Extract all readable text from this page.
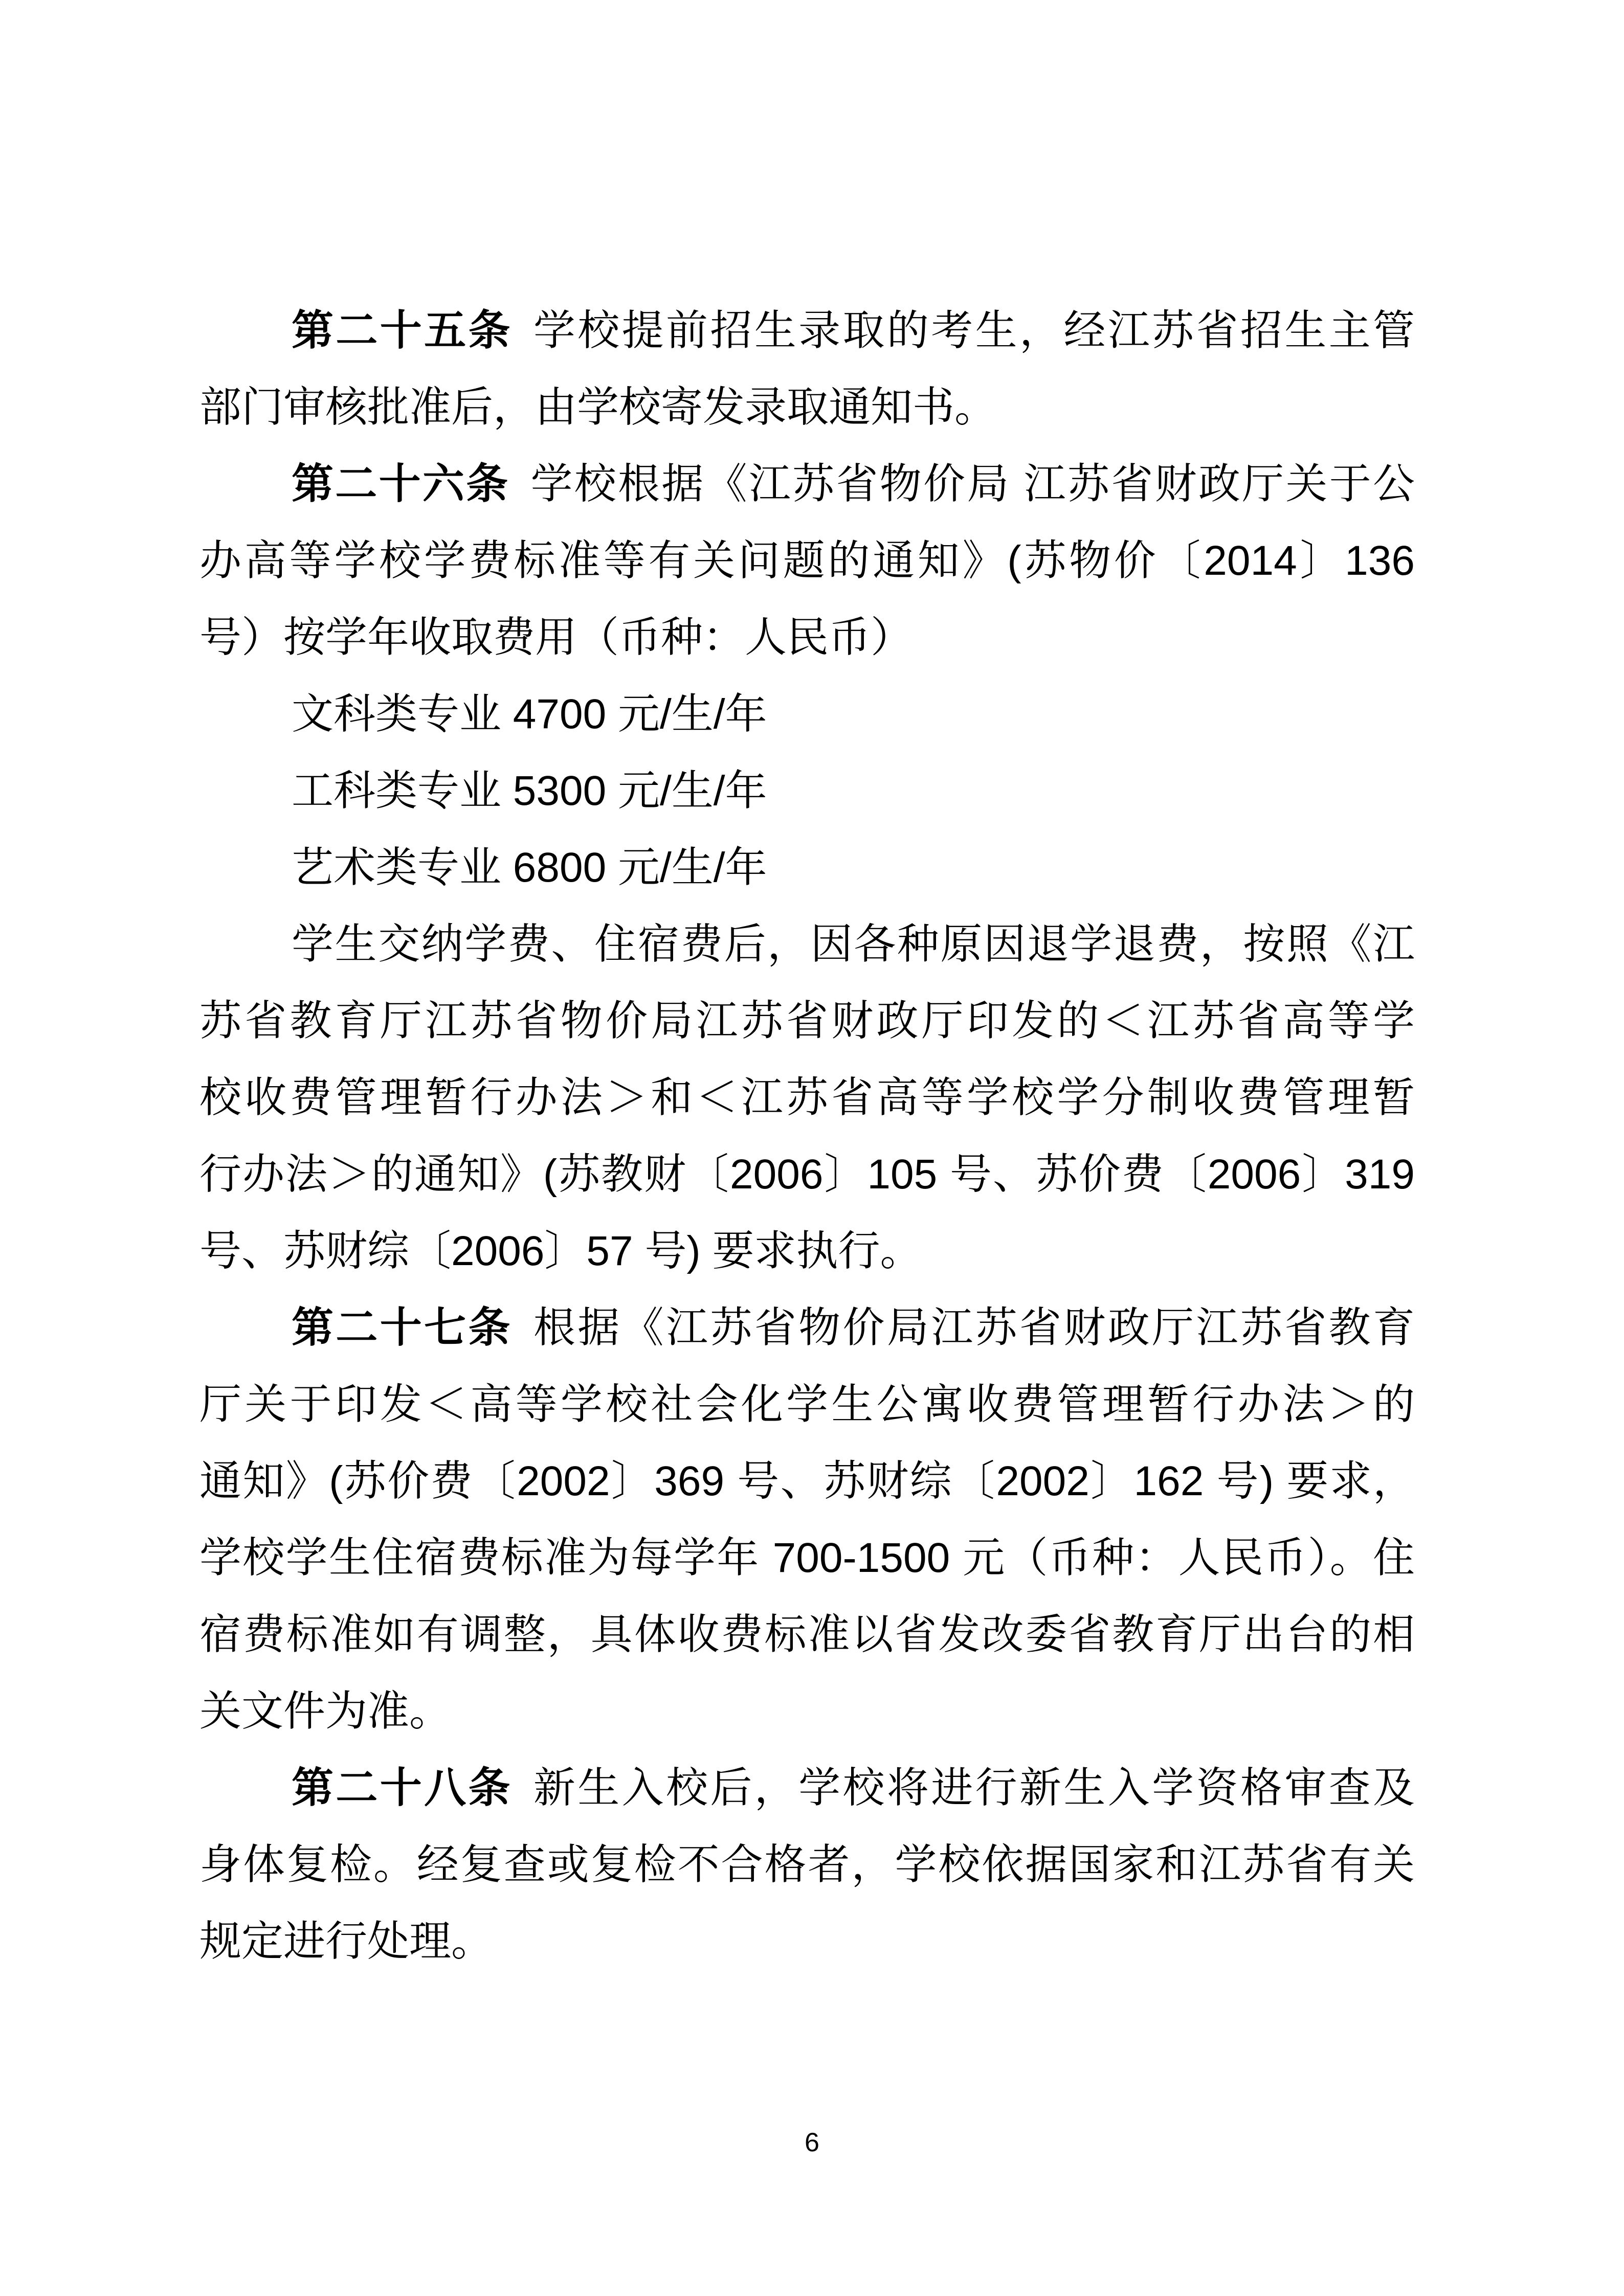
第二十五条 学校提前招生录取的考生，经江苏省招生主管
部门审核批准后，由学校寄发录取通知书。
第二十六条 学校根据《江苏省物价局 江苏省财政厅关于公
办高等学校学费标准等有关问题的通知》(苏物价〔2014〕136
号）按学年收取费用（币种：人民币）
文科类专业 4700 元/生/年
工科类专业 5300 元/生/年
艺术类专业 6800 元/生/年
学生交纳学费、住宿费后，因各种原因退学退费，按照《江
苏省教育厅江苏省物价局江苏省财政厅印发的＜江苏省高等学
校收费管理暂行办法＞和＜江苏省高等学校学分制收费管理暂
行办法＞的通知》(苏教财〔2006〕105 号、苏价费〔2006〕319
号、苏财综〔2006〕57 号) 要求执行。
第二十七条 根据《江苏省物价局江苏省财政厅江苏省教育
厅关于印发＜高等学校社会化学生公寓收费管理暂行办法＞的
通知》(苏价费〔2002〕369 号、苏财综〔2002〕162 号) 要求，
学校学生住宿费标准为每学年 700-1500 元（币种：人民币）。住
宿费标准如有调整，具体收费标准以省发改委省教育厅出台的相
关文件为准。
第二十八条 新生入校后，学校将进行新生入学资格审查及
身体复检。经复查或复检不合格者，学校依据国家和江苏省有关
规定进行处理。
6
